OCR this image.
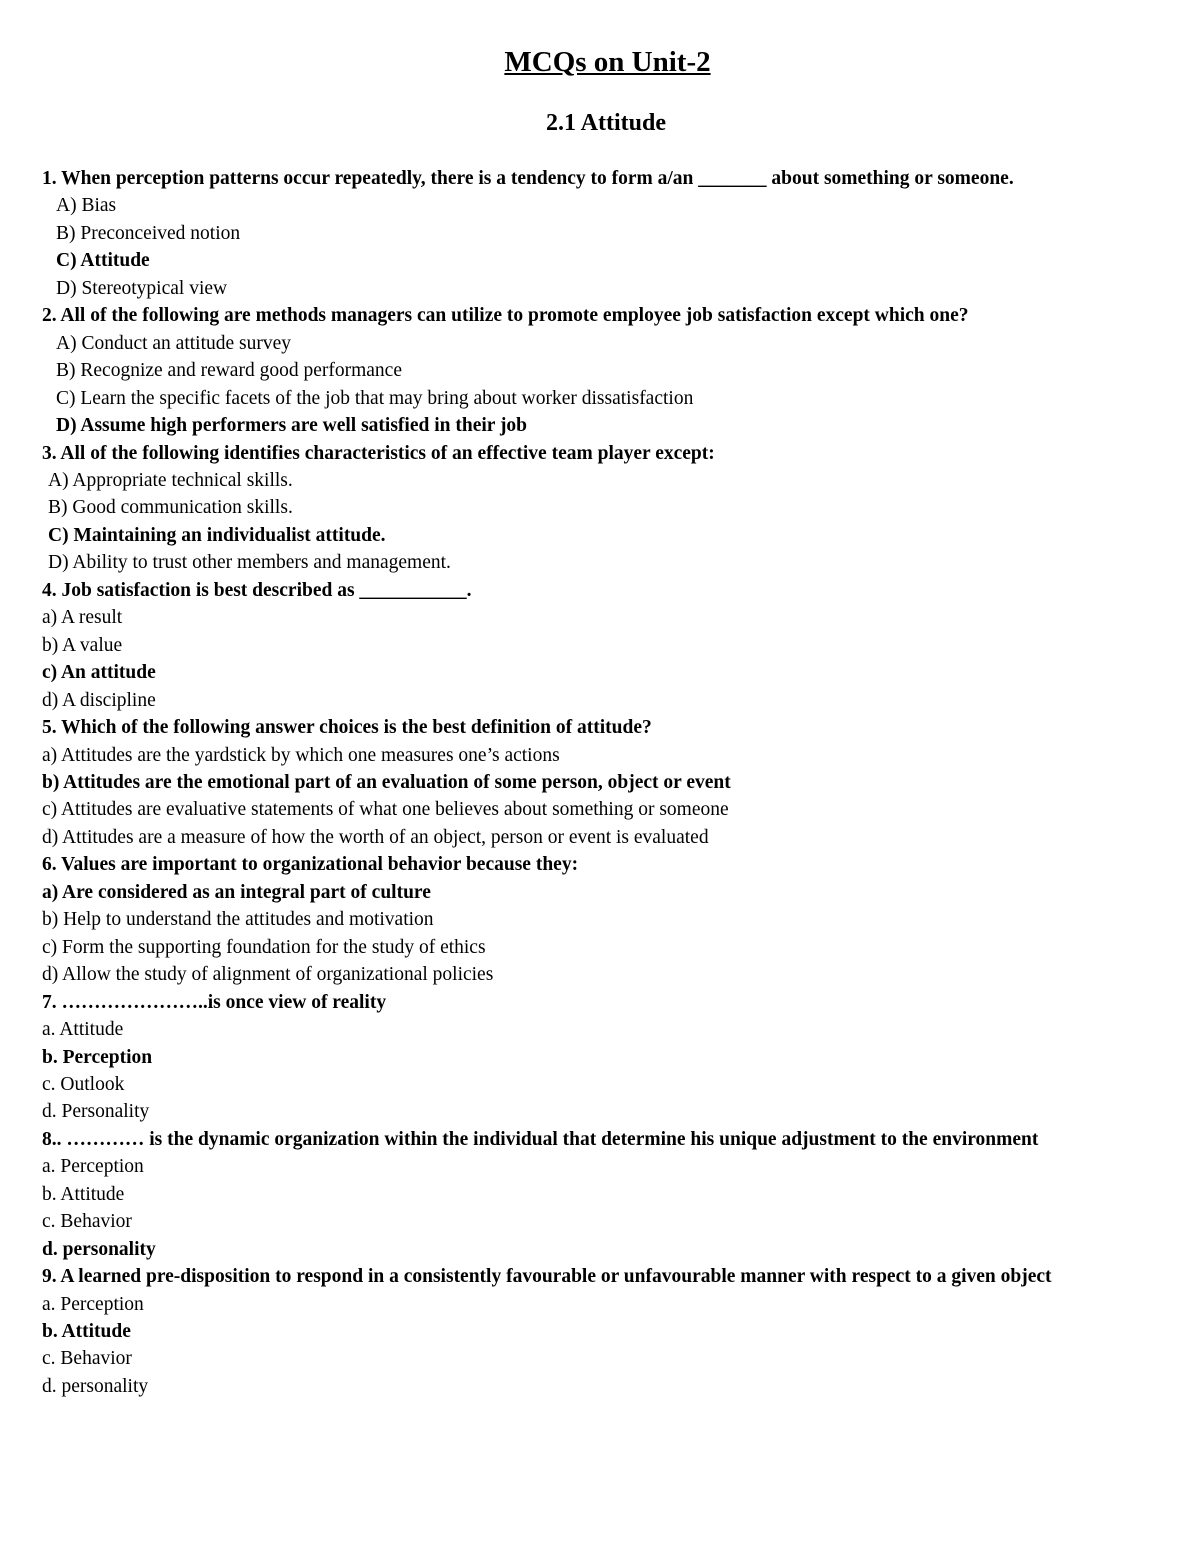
MCQs on Unit-2
2.1 Attitude
1. When perception patterns occur repeatedly, there is a tendency to form a/an _______ about something or someone.
A) Bias
B) Preconceived notion
C) Attitude
D) Stereotypical view
2. All of the following are methods managers can utilize to promote employee job satisfaction except which one?
A) Conduct an attitude survey
B) Recognize and reward good performance
C) Learn the specific facets of the job that may bring about worker dissatisfaction
D) Assume high performers are well satisfied in their job
3. All of the following identifies characteristics of an effective team player except:
A) Appropriate technical skills.
B) Good communication skills.
C) Maintaining an individualist attitude.
D) Ability to trust other members and management.
4. Job satisfaction is best described as ___________.
a) A result
b) A value
c) An attitude
d) A discipline
5. Which of the following answer choices is the best definition of attitude?
a) Attitudes are the yardstick by which one measures one’s actions
b) Attitudes are the emotional part of an evaluation of some person, object or event
c) Attitudes are evaluative statements of what one believes about something or someone
d) Attitudes are a measure of how the worth of an object, person or event is evaluated
6. Values are important to organizational behavior because they:
a) Are considered as an integral part of culture
b) Help to understand the attitudes and motivation
c) Form the supporting foundation for the study of ethics
d) Allow the study of alignment of organizational policies
7. …………………..is once view of reality
a. Attitude
b. Perception
c. Outlook
d. Personality
8.. ………… is the dynamic organization within the individual that determine his unique adjustment to the environment
a. Perception
b. Attitude
c. Behavior
d. personality
9. A learned pre-disposition to respond in a consistently favourable or unfavourable manner with respect to a given object
a. Perception
b. Attitude
c. Behavior
d. personality
